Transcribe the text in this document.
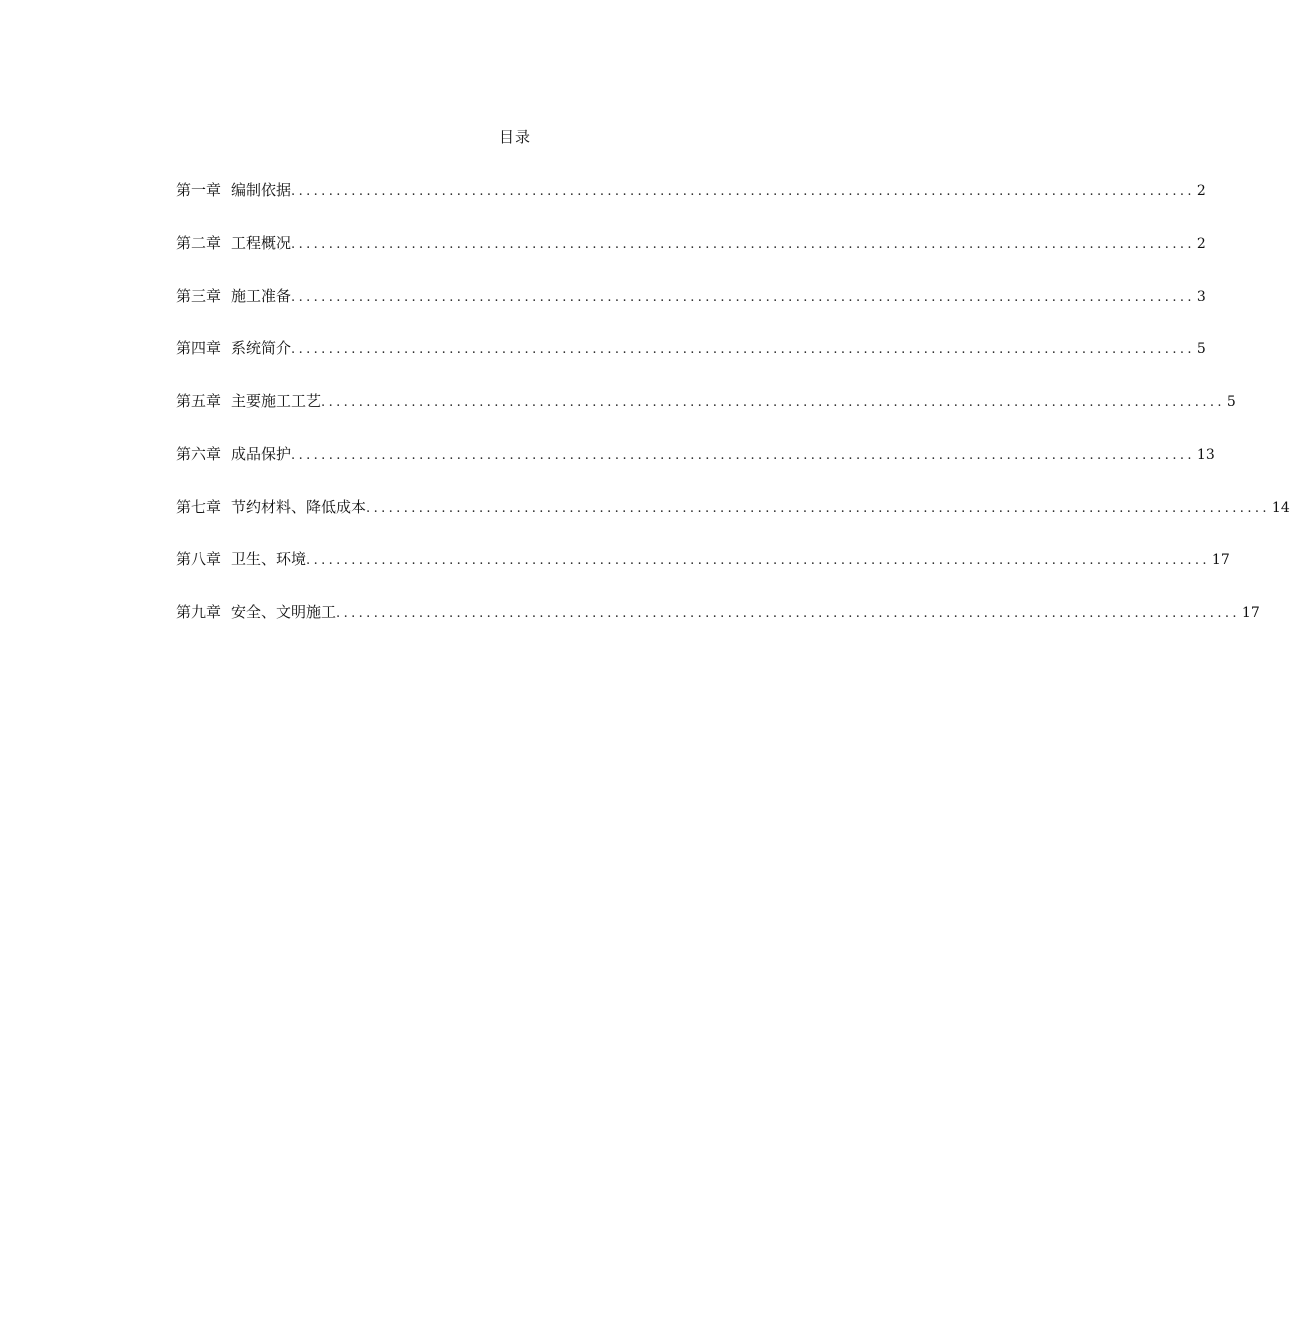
目录
第一章 编制依据 ........................................................................................................................ 2
第二章 工程概况 ........................................................................................................................ 2
第三章 施工准备 ........................................................................................................................ 3
第四章 系统简介 ........................................................................................................................ 5
第五章 主要施工工艺 ........................................................................................................................ 5
第六章 成品保护 ........................................................................................................................ 13
第七章 节约材料、降低成本 ........................................................................................................................ 14
第八章 卫生、环境 ........................................................................................................................ 17
第九章 安全、文明施工 ........................................................................................................................ 17
